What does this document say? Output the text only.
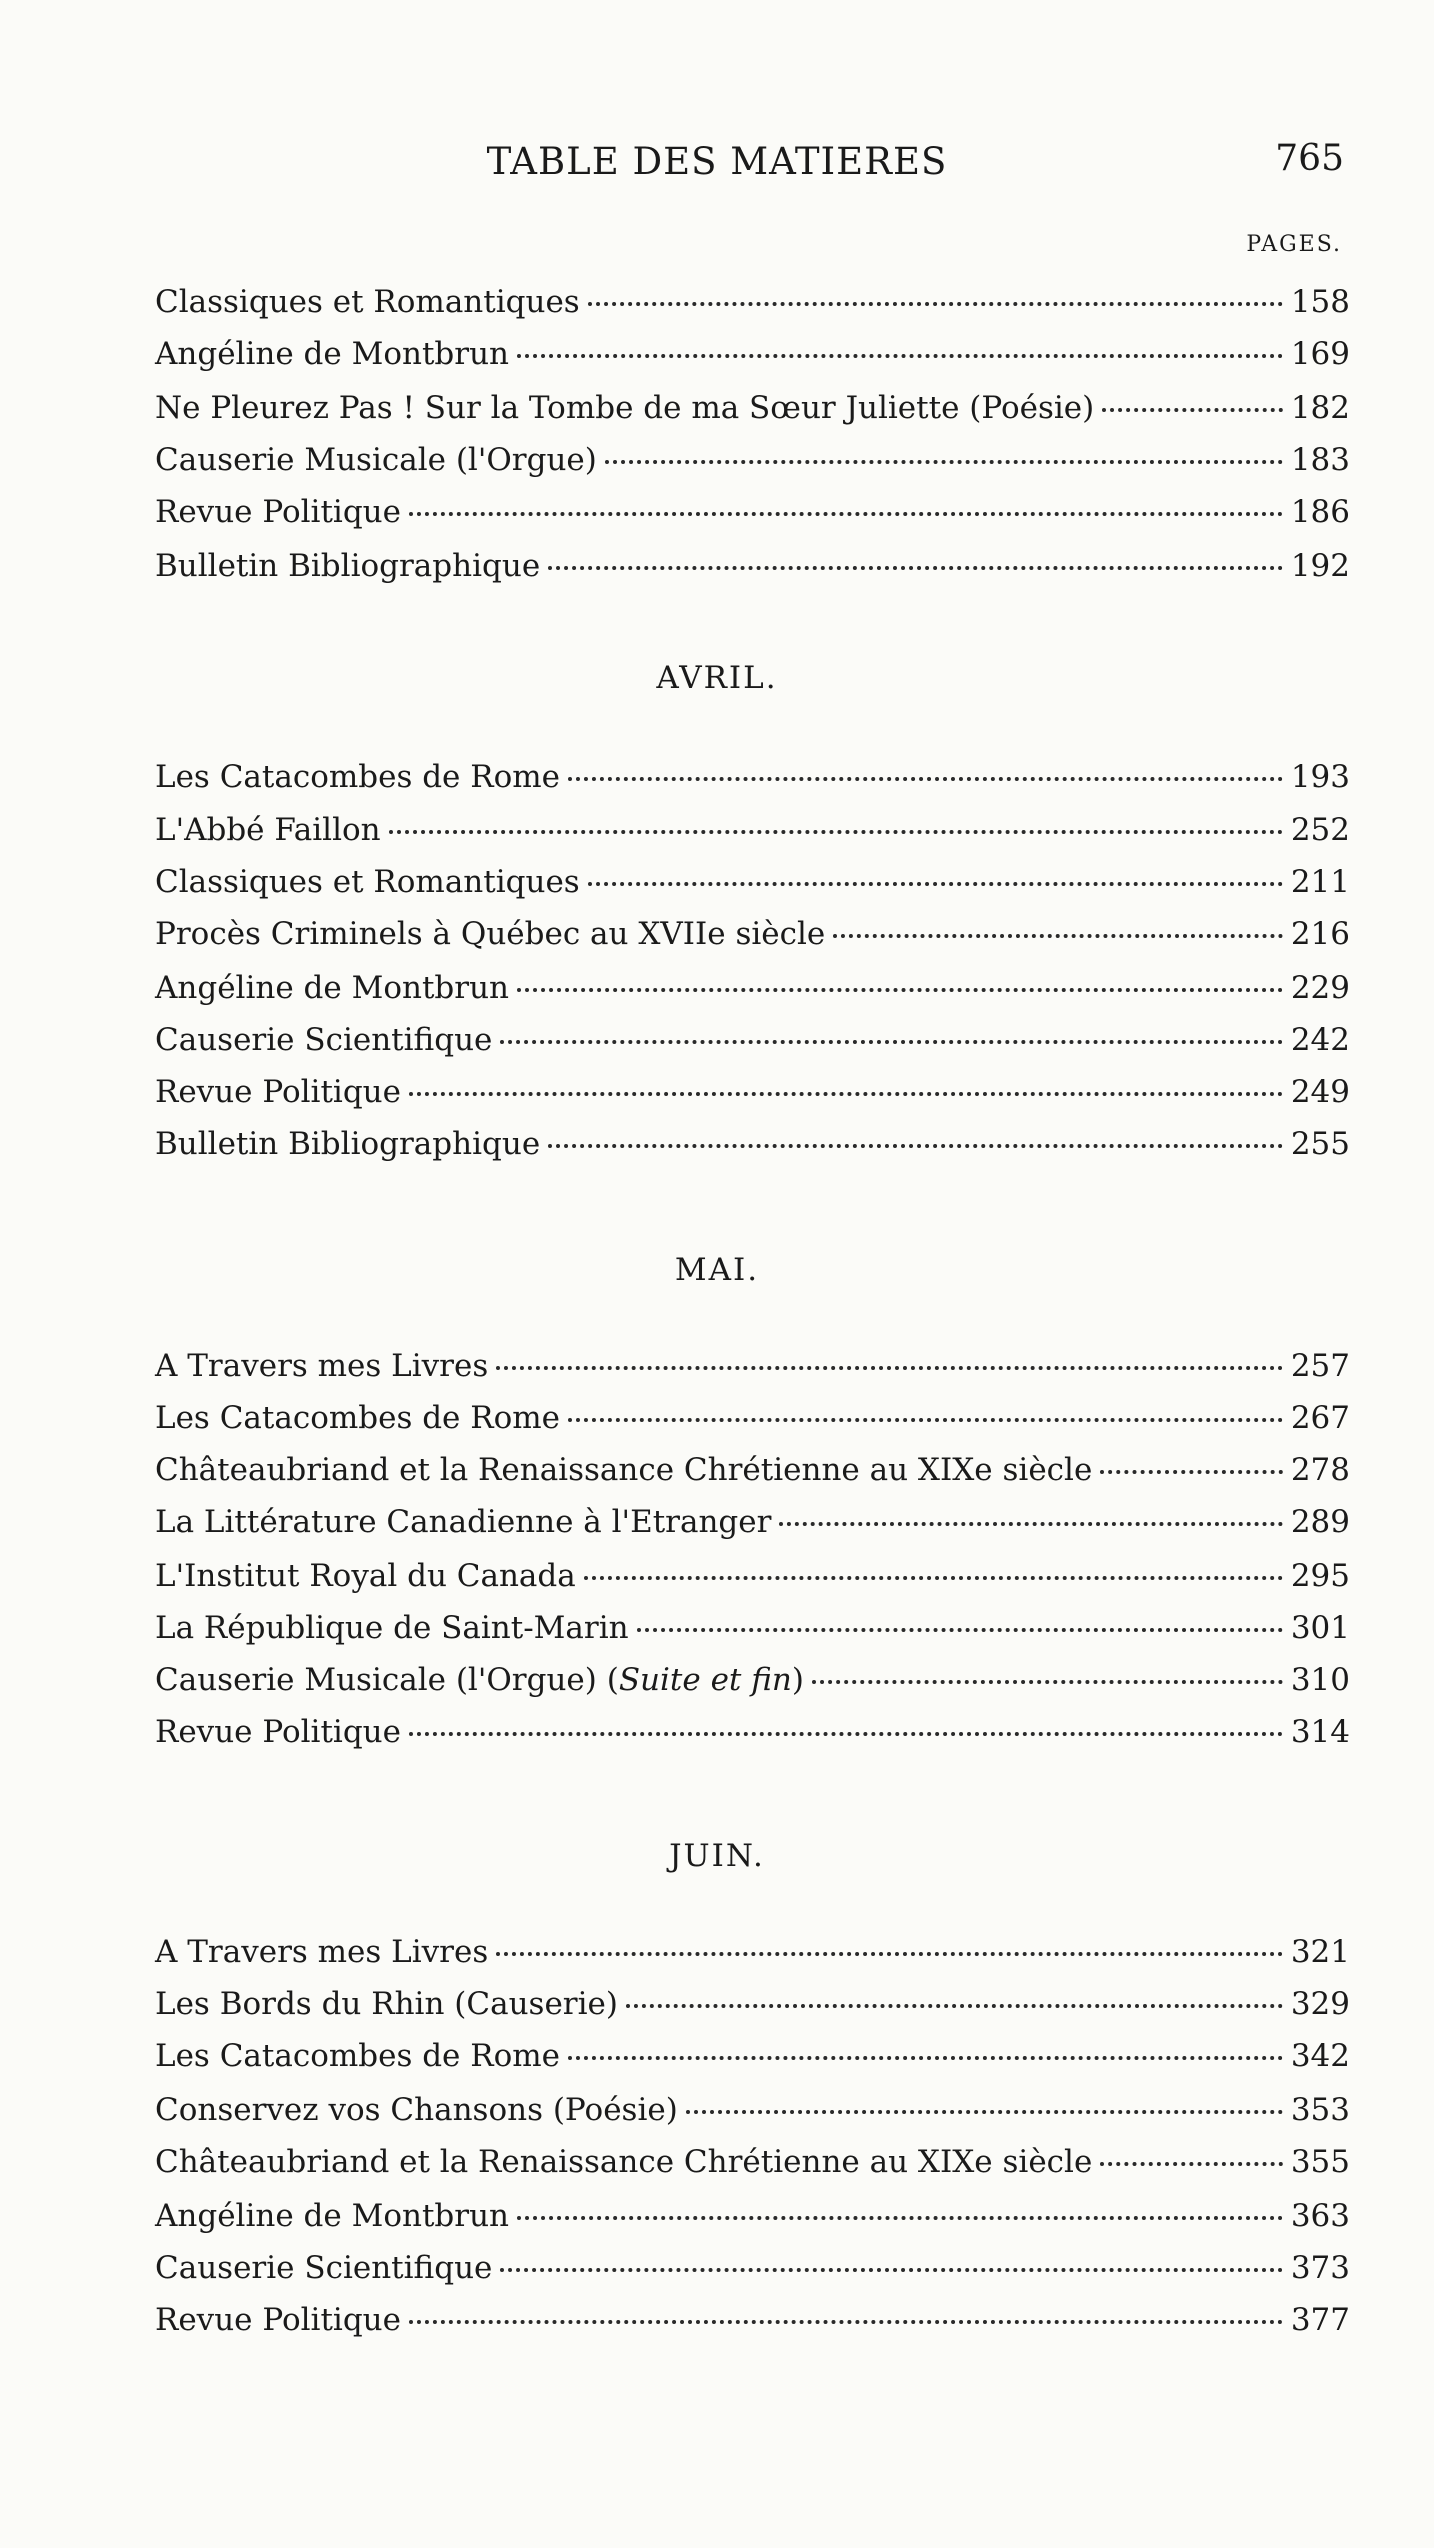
TABLE DES MATIERES	765
PAGES.
Classiques et Romantiques	158
Angéline de Montbrun	169
Ne Pleurez Pas ! Sur la Tombe de ma Sœur Juliette (Poésie)	182
Causerie Musicale (l'Orgue)	183
Revue Politique	186
Bulletin Bibliographique	192
AVRIL.
Les Catacombes de Rome	193
L'Abbé Faillon	252
Classiques et Romantiques	211
Procès Criminels à Québec au XVIIe siècle	216
Angéline de Montbrun	229
Causerie Scientifique	242
Revue Politique	249
Bulletin Bibliographique	255
MAI.
A Travers mes Livres	257
Les Catacombes de Rome	267
Châteaubriand et la Renaissance Chrétienne au XIXe siècle	278
La Littérature Canadienne à l'Etranger	289
L'Institut Royal du Canada	295
La République de Saint-Marin	301
Causerie Musicale (l'Orgue) (Suite et fin)	310
Revue Politique	314
JUIN.
A Travers mes Livres	321
Les Bords du Rhin (Causerie)	329
Les Catacombes de Rome	342
Conservez vos Chansons (Poésie)	353
Châteaubriand et la Renaissance Chrétienne au XIXe siècle	355
Angéline de Montbrun	363
Causerie Scientifique	373
Revue Politique	377
